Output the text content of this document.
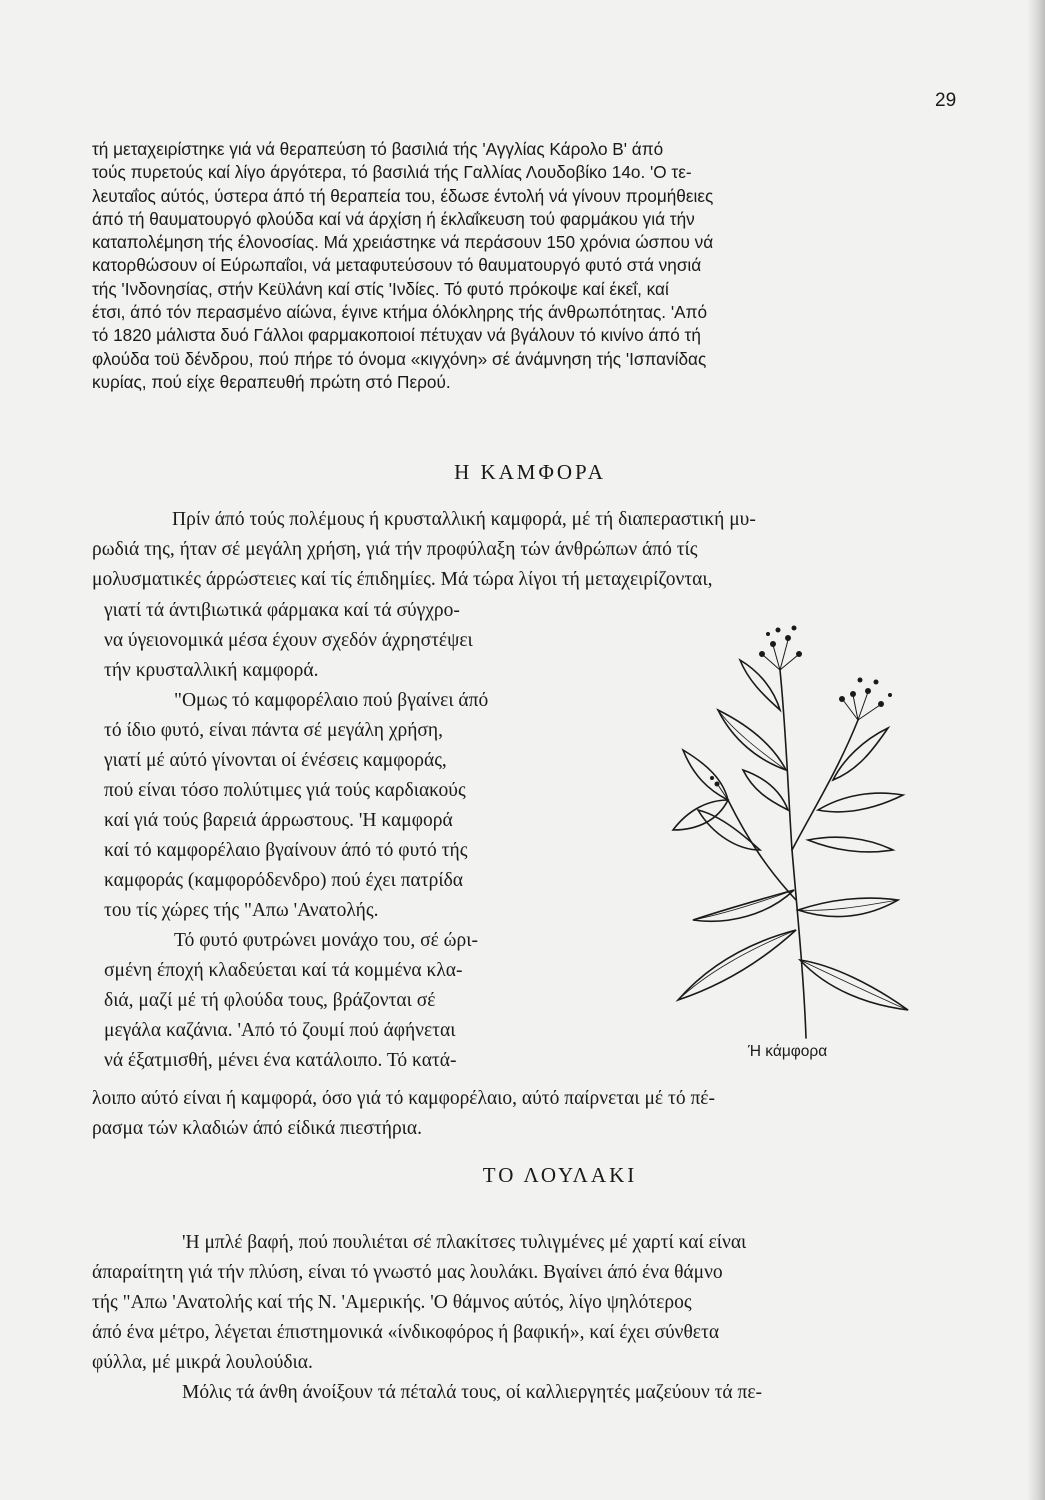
29
τή μεταχειρίστηκε γιά νά θεραπεύση τό βασιλιά τής 'Αγγλίας Κάρολο Β' άπό
τούς πυρετούς καί λίγο άργότερα, τό βασιλιά τής Γαλλίας Λουδοβίκο 14ο. 'Ο τε-
λευταΐος αύτός, ύστερα άπό τή θεραπεία του, έδωσε έντολή νά γίνουν προμήθειες
άπό τή θαυματουργό φλούδα καί νά άρχίση ή έκλαΐκευση τού φαρμάκου γιά τήν
καταπολέμηση τής έλονοσίας. Μά χρειάστηκε νά περάσουν 150 χρόνια ώσπου νά
κατορθώσουν οί Εύρωπαΐοι, νά μεταφυτεύσουν τό θαυματουργό φυτό στά νησιά
τής 'Ινδονησίας, στήν Κεϋλάνη καί στίς 'Ινδίες. Τό φυτό πρόκοψε καί έκεΐ, καί
έτσι, άπό τόν περασμένο αίώνα, έγινε κτήμα όλόκληρης τής άνθρωπότητας. 'Από
τό 1820 μάλιστα δυό Γάλλοι φαρμακοποιοί πέτυχαν νά βγάλουν τό κινίνο άπό τή
φλούδα τοϋ δένδρου, πού πήρε τό όνομα «κιγχόνη» σέ άνάμνηση τής 'Ισπανίδας
κυρίας, πού είχε θεραπευθή πρώτη στό Περού.
Η ΚΑΜΦΟΡΑ
Πρίν άπό τούς πολέμους ή κρυσταλλική καμφορά, μέ τή διαπεραστική μυ-
ρωδιά της, ήταν σέ μεγάλη χρήση, γιά τήν προφύλαξη τών άνθρώπων άπό τίς
μολυσματικές άρρώστειες καί τίς έπιδημίες. Μά τώρα λίγοι τή μεταχειρίζονται,
γιατί τά άντιβιωτικά φάρμακα καί τά σύγχρο-
να ύγειονομικά μέσα έχουν σχεδόν άχρηστέψει
τήν κρυσταλλική καμφορά.
"Ομως τό καμφορέλαιο πού βγαίνει άπό
τό ίδιο φυτό, είναι πάντα σέ μεγάλη χρήση,
γιατί μέ αύτό γίνονται οί ένέσεις καμφοράς,
πού είναι τόσο πολύτιμες γιά τούς καρδιακούς
καί γιά τούς βαρειά άρρωστους. 'Η καμφορά
καί τό καμφορέλαιο βγαίνουν άπό τό φυτό τής
καμφοράς (καμφορόδενδρο) πού έχει πατρίδα
του τίς χώρες τής "Απω 'Ανατολής.
Τό φυτό φυτρώνει μονάχο του, σέ ώρι-
σμένη έποχή κλαδεύεται καί τά κομμένα κλα-
διά, μαζί μέ τή φλούδα τους, βράζονται σέ
μεγάλα καζάνια. 'Από τό ζουμί πού άφήνεται
νά έξατμισθή, μένει ένα κατάλοιπο. Τό κατά-	Ή κάμφορα
λοιπο αύτό είναι ή καμφορά, όσο γιά τό καμφορέλαιο, αύτό παίρνεται μέ τό πέ-
ρασμα τών κλαδιών άπό είδικά πιεστήρια.
ΤΟ ΛΟΥΛΑΚΙ
'Η μπλέ βαφή, πού πουλιέται σέ πλακίτσες τυλιγμένες μέ χαρτί καί είναι
άπαραίτητη γιά τήν πλύση, είναι τό γνωστό μας λουλάκι. Βγαίνει άπό ένα θάμνο
τής "Απω 'Ανατολής καί τής Ν. 'Αμερικής. 'Ο θάμνος αύτός, λίγο ψηλότερος
άπό ένα μέτρο, λέγεται έπιστημονικά «ίνδικοφόρος ή βαφική», καί έχει σύνθετα
φύλλα, μέ μικρά λουλούδια.
Μόλις τά άνθη άνοίξουν τά πέταλά τους, οί καλλιεργητές μαζεύουν τά πε-
